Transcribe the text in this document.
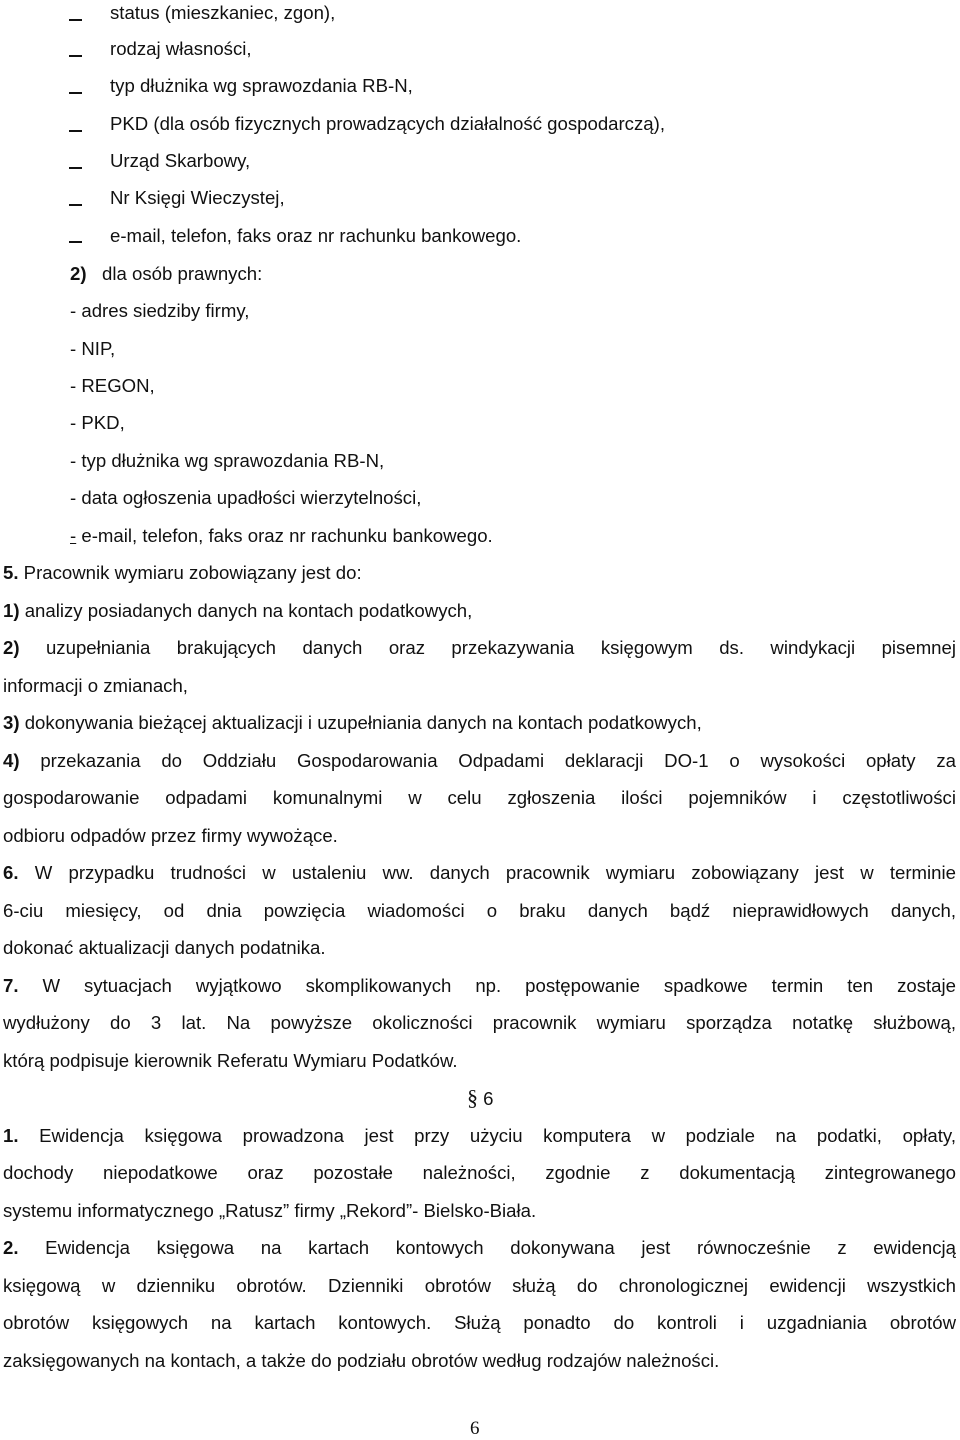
status (mieszkaniec, zgon),
rodzaj własności,
typ dłużnika wg sprawozdania RB-N,
PKD (dla osób fizycznych prowadzących działalność gospodarczą),
Urząd Skarbowy,
Nr Księgi Wieczystej,
e-mail, telefon, faks oraz nr rachunku bankowego.
2) dla osób prawnych:
- adres siedziby firmy,
- NIP,
- REGON,
- PKD,
- typ dłużnika wg sprawozdania RB-N,
- data ogłoszenia upadłości wierzytelności,
- e-mail, telefon, faks oraz nr rachunku bankowego.
5. Pracownik wymiaru zobowiązany jest do:
1) analizy posiadanych danych na kontach podatkowych,
2) uzupełniania brakujących danych oraz przekazywania księgowym ds. windykacji pisemnej
informacji o zmianach,
3) dokonywania bieżącej aktualizacji i uzupełniania danych na kontach podatkowych,
4) przekazania do Oddziału Gospodarowania Odpadami deklaracji DO-1 o wysokości opłaty za
gospodarowanie odpadami komunalnymi w celu zgłoszenia ilości pojemników i częstotliwości
odbioru odpadów przez firmy wywożące.
6. W przypadku trudności w ustaleniu ww. danych pracownik wymiaru zobowiązany jest w terminie
6-ciu miesięcy, od dnia powzięcia wiadomości o braku danych bądź nieprawidłowych danych,
dokonać aktualizacji danych podatnika.
7. W sytuacjach wyjątkowo skomplikowanych np. postępowanie spadkowe termin ten zostaje
wydłużony do 3 lat. Na powyższe okoliczności pracownik wymiaru sporządza notatkę służbową,
którą podpisuje kierownik Referatu Wymiaru Podatków.
§ 6
1. Ewidencja księgowa prowadzona jest przy użyciu komputera w podziale na podatki, opłaty,
dochody niepodatkowe oraz pozostałe należności, zgodnie z dokumentacją zintegrowanego
systemu informatycznego „Ratusz” firmy „Rekord”- Bielsko-Biała.
2. Ewidencja księgowa na kartach kontowych dokonywana jest równocześnie z ewidencją
księgową w dzienniku obrotów. Dzienniki obrotów służą do chronologicznej ewidencji wszystkich
obrotów księgowych na kartach kontowych. Służą ponadto do kontroli i uzgadniania obrotów
zaksięgowanych na kontach, a także do podziału obrotów według rodzajów należności.
6
